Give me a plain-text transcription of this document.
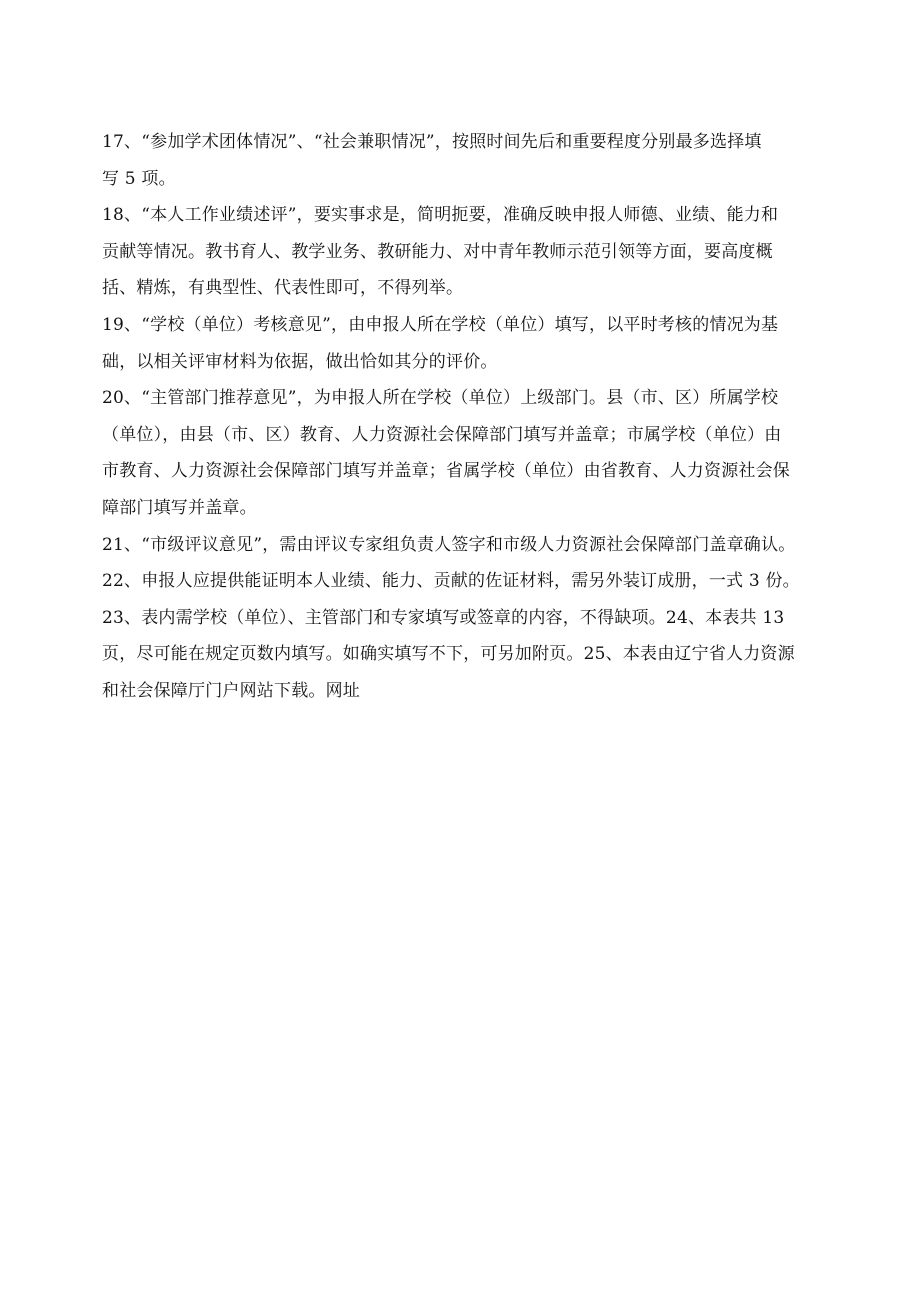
17、“参加学术团体情况”、“社会兼职情况”，按照时间先后和重要程度分别最多选择填
写 5 项。
18、“本人工作业绩述评”，要实事求是，简明扼要，准确反映申报人师德、业绩、能力和
贡献等情况。教书育人、教学业务、教研能力、对中青年教师示范引领等方面，要高度概
括、精炼，有典型性、代表性即可，不得列举。
19、“学校（单位）考核意见”，由申报人所在学校（单位）填写，以平时考核的情况为基
础，以相关评审材料为依据，做出恰如其分的评价。
20、“主管部门推荐意见”，为申报人所在学校（单位）上级部门。县（市、区）所属学校
（单位），由县（市、区）教育、人力资源社会保障部门填写并盖章；市属学校（单位）由
市教育、人力资源社会保障部门填写并盖章；省属学校（单位）由省教育、人力资源社会保
障部门填写并盖章。
21、“市级评议意见”，需由评议专家组负责人签字和市级人力资源社会保障部门盖章确认。
22、申报人应提供能证明本人业绩、能力、贡献的佐证材料，需另外装订成册，一式 3 份。
23、表内需学校（单位）、主管部门和专家填写或签章的内容，不得缺项。24、本表共 13
页，尽可能在规定页数内填写。如确实填写不下，可另加附页。25、本表由辽宁省人力资源
和社会保障厅门户网站下载。网址
